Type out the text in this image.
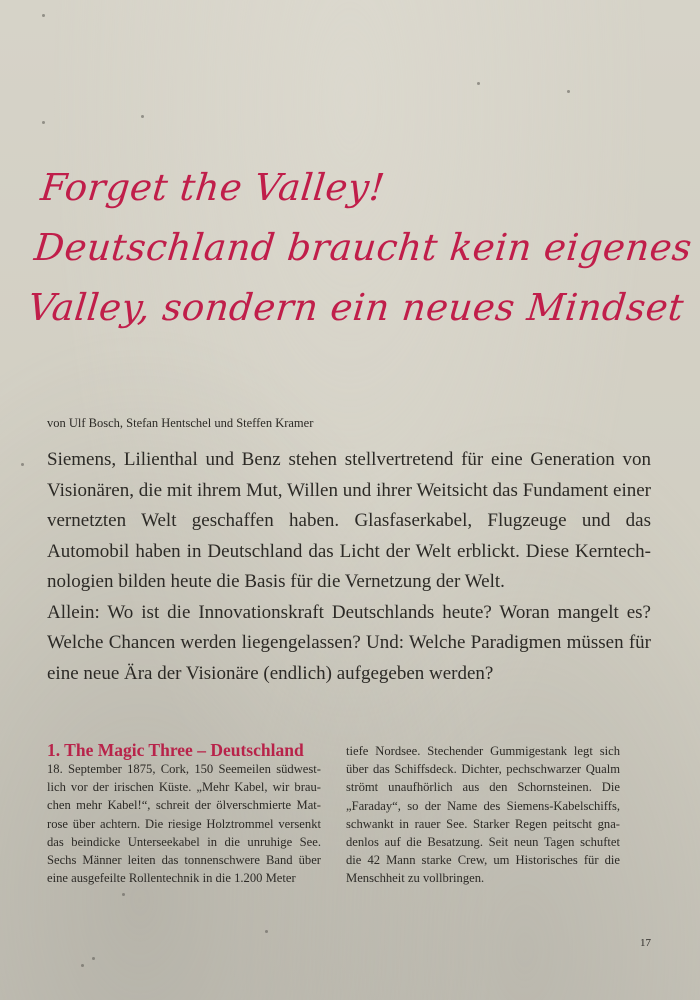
Forget the Valley!
Deutschland braucht kein eigenes
Valley, sondern ein neues Mindset
von Ulf Bosch, Stefan Hentschel und Steffen Kramer

Siemens, Lilienthal und Benz stehen stellvertretend für eine Generation von Visionären, die mit ihrem Mut, Willen und ihrer Weitsicht das Fundament einer vernetzten Welt geschaffen haben. Glasfaserkabel, Flugzeuge und das Automobil haben in Deutschland das Licht der Welt erblickt. Diese Kerntechnologien bilden heute die Basis für die Vernetzung der Welt.

Allein: Wo ist die Innovationskraft Deutschlands heute? Woran mangelt es? Welche Chancen werden liegengelassen? Und: Welche Paradigmen müssen für eine neue Ära der Visionäre (endlich) aufgegeben werden?

1. The Magic Three – Deutschland

18. September 1875, Cork, 150 Seemeilen südwestlich vor der irischen Küste. „Mehr Kabel, wir brauchen mehr Kabel!“, schreit der ölverschmierte Matrose über achtern. Die riesige Holztrommel versenkt das beindicke Unterseekabel in die unruhige See. Sechs Männer leiten das tonnenschwere Band über eine ausgefeilte Rollentechnik in die 1.200 Meter

tiefe Nordsee. Stechender Gummigestank legt sich über das Schiffsdeck. Dichter, pechschwarzer Qualm strömt unaufhörlich aus den Schornsteinen. Die „Faraday“, so der Name des Siemens-Kabelschiffs, schwankt in rauer See. Starker Regen peitscht gnadenlos auf die Besatzung. Seit neun Tagen schuftet die 42 Mann starke Crew, um Historisches für die Menschheit zu vollbringen.

17
